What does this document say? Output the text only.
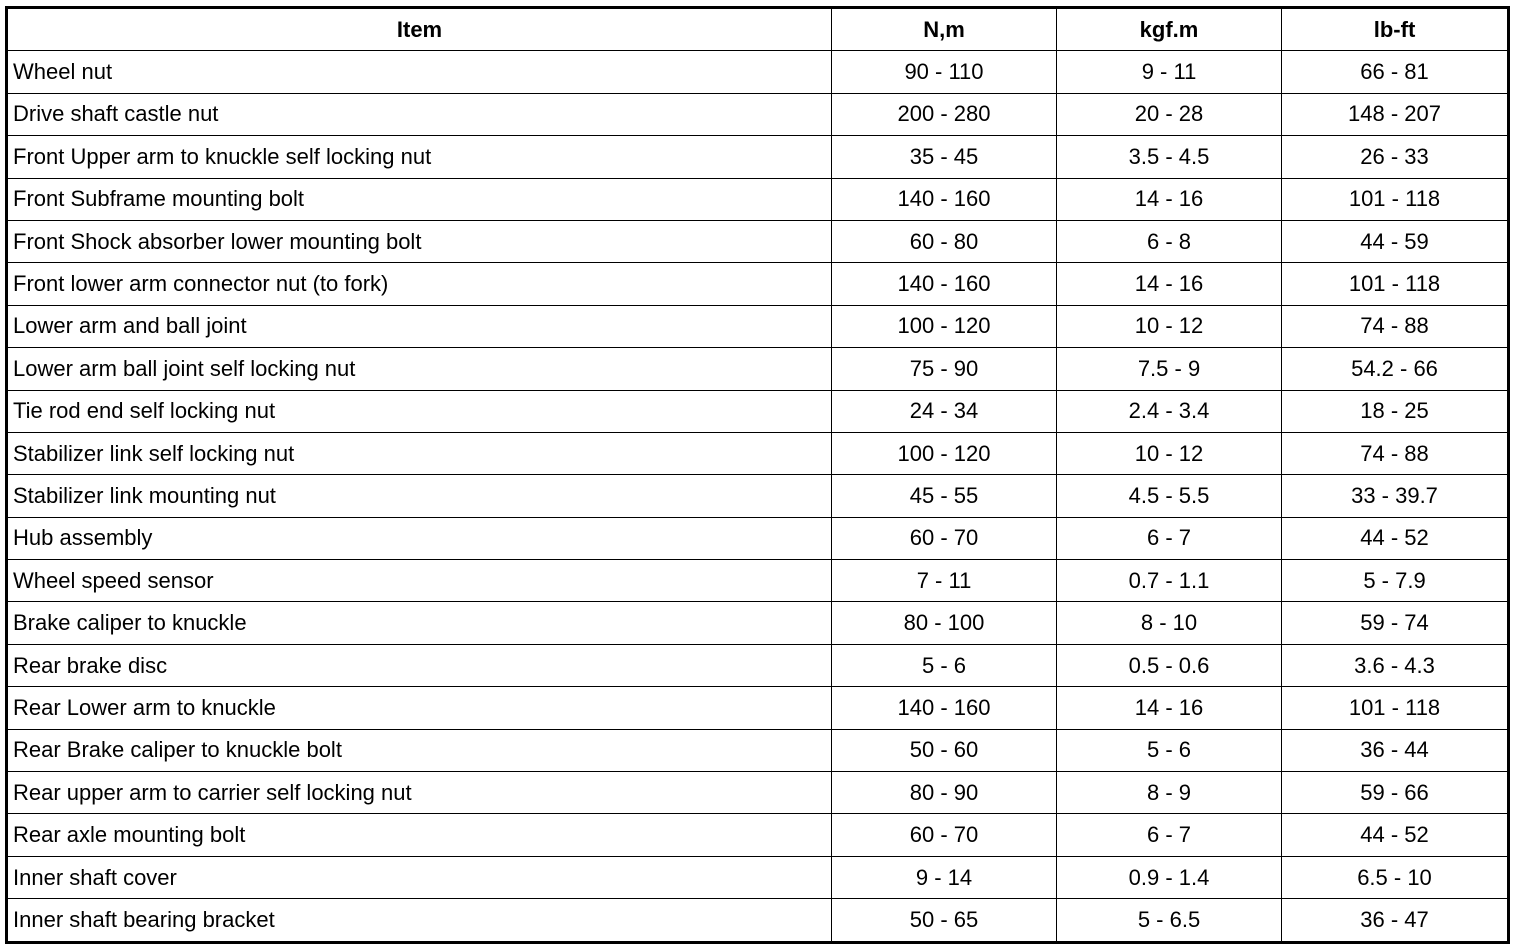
Item	N,m	kgf.m	lb-ft
Wheel nut	90 - 110	9 - 11	66 - 81
Drive shaft castle nut	200 - 280	20 - 28	148 - 207
Front Upper arm to knuckle self locking nut	35 - 45	3.5 - 4.5	26 - 33
Front Subframe mounting bolt	140 - 160	14 - 16	101 - 118
Front Shock absorber lower mounting bolt	60 - 80	6 - 8	44 - 59
Front lower arm connector nut (to fork)	140 - 160	14 - 16	101 - 118
Lower arm and ball joint	100 - 120	10 - 12	74 - 88
Lower arm ball joint self locking nut	75 - 90	7.5 - 9	54.2 - 66
Tie rod end self locking nut	24 - 34	2.4 - 3.4	18 - 25
Stabilizer link self locking nut	100 - 120	10 - 12	74 - 88
Stabilizer link mounting nut	45 - 55	4.5 - 5.5	33 - 39.7
Hub assembly	60 - 70	6 - 7	44 - 52
Wheel speed sensor	7 - 11	0.7 - 1.1	5 - 7.9
Brake caliper to knuckle	80 - 100	8 - 10	59 - 74
Rear brake disc	5 - 6	0.5 - 0.6	3.6 - 4.3
Rear Lower arm to knuckle	140 - 160	14 - 16	101 - 118
Rear Brake caliper to knuckle bolt	50 - 60	5 - 6	36 - 44
Rear upper arm to carrier self locking nut	80 - 90	8 - 9	59 - 66
Rear axle mounting bolt	60 - 70	6 - 7	44 - 52
Inner shaft cover	9 - 14	0.9 - 1.4	6.5 - 10
Inner shaft bearing bracket	50 - 65	5 - 6.5	36 - 47
